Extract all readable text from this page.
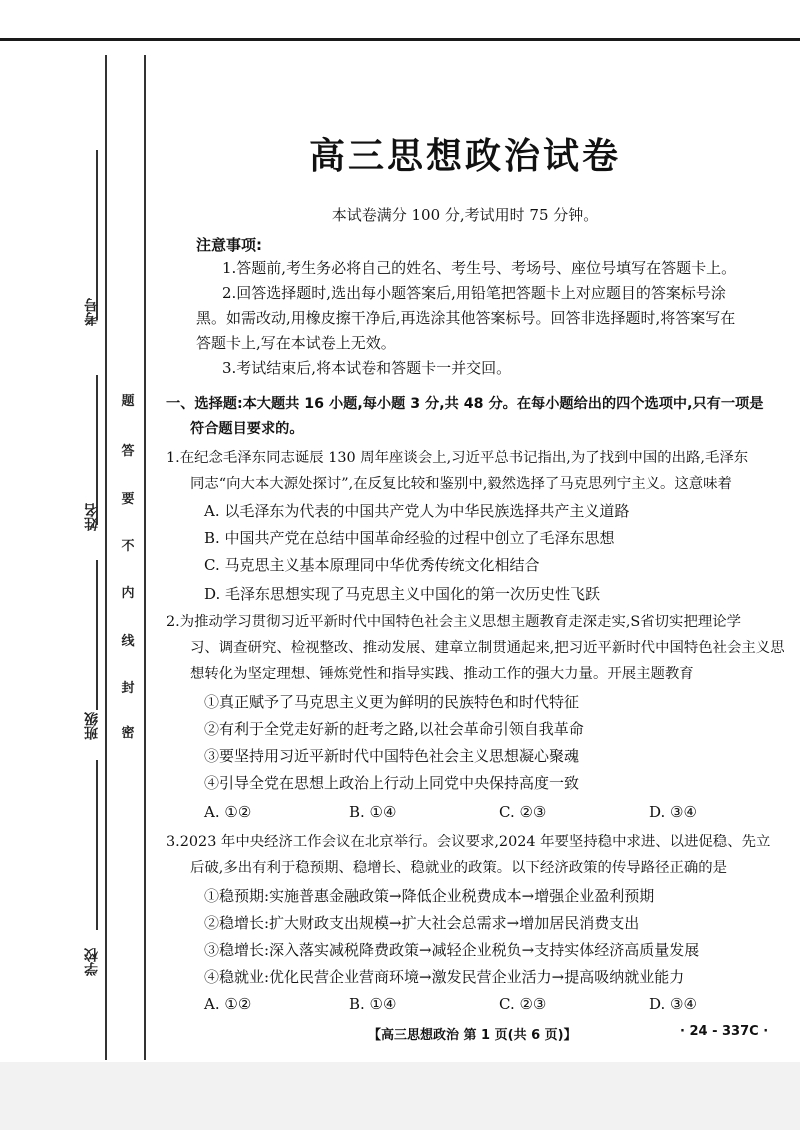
考号
姓名
班级
学校
题
答
要
不
内
线
封
密
高三思想政治试卷
本试卷满分 100 分,考试用时 75 分钟。
注意事项:
1.答题前,考生务必将自己的姓名、考生号、考场号、座位号填写在答题卡上。
2.回答选择题时,选出每小题答案后,用铅笔把答题卡上对应题目的答案标号涂
黑。如需改动,用橡皮擦干净后,再选涂其他答案标号。回答非选择题时,将答案写在
答题卡上,写在本试卷上无效。
3.考试结束后,将本试卷和答题卡一并交回。
一、选择题:本大题共 16 小题,每小题 3 分,共 48 分。在每小题给出的四个选项中,只有一项是
符合题目要求的。
1.在纪念毛泽东同志诞辰 130 周年座谈会上,习近平总书记指出,为了找到中国的出路,毛泽东
同志“向大本大源处探讨”,在反复比较和鉴别中,毅然选择了马克思列宁主义。这意味着
A. 以毛泽东为代表的中国共产党人为中华民族选择共产主义道路
B. 中国共产党在总结中国革命经验的过程中创立了毛泽东思想
C. 马克思主义基本原理同中华优秀传统文化相结合
D. 毛泽东思想实现了马克思主义中国化的第一次历史性飞跃
2.为推动学习贯彻习近平新时代中国特色社会主义思想主题教育走深走实,S省切实把理论学
习、调查研究、检视整改、推动发展、建章立制贯通起来,把习近平新时代中国特色社会主义思
想转化为坚定理想、锤炼党性和指导实践、推动工作的强大力量。开展主题教育
①真正赋予了马克思主义更为鲜明的民族特色和时代特征
②有利于全党走好新的赶考之路,以社会革命引领自我革命
③要坚持用习近平新时代中国特色社会主义思想凝心聚魂
④引导全党在思想上政治上行动上同党中央保持高度一致
A. ①②	B. ①④	C. ②③	D. ③④
3.2023 年中央经济工作会议在北京举行。会议要求,2024 年要坚持稳中求进、以进促稳、先立
后破,多出有利于稳预期、稳增长、稳就业的政策。以下经济政策的传导路径正确的是
①稳预期:实施普惠金融政策→降低企业税费成本→增强企业盈利预期
②稳增长:扩大财政支出规模→扩大社会总需求→增加居民消费支出
③稳增长:深入落实减税降费政策→减轻企业税负→支持实体经济高质量发展
④稳就业:优化民营企业营商环境→激发民营企业活力→提高吸纳就业能力
A. ①②	B. ①④	C. ②③	D. ③④
【高三思想政治 第 1 页(共 6 页)】	· 24 - 337C ·
